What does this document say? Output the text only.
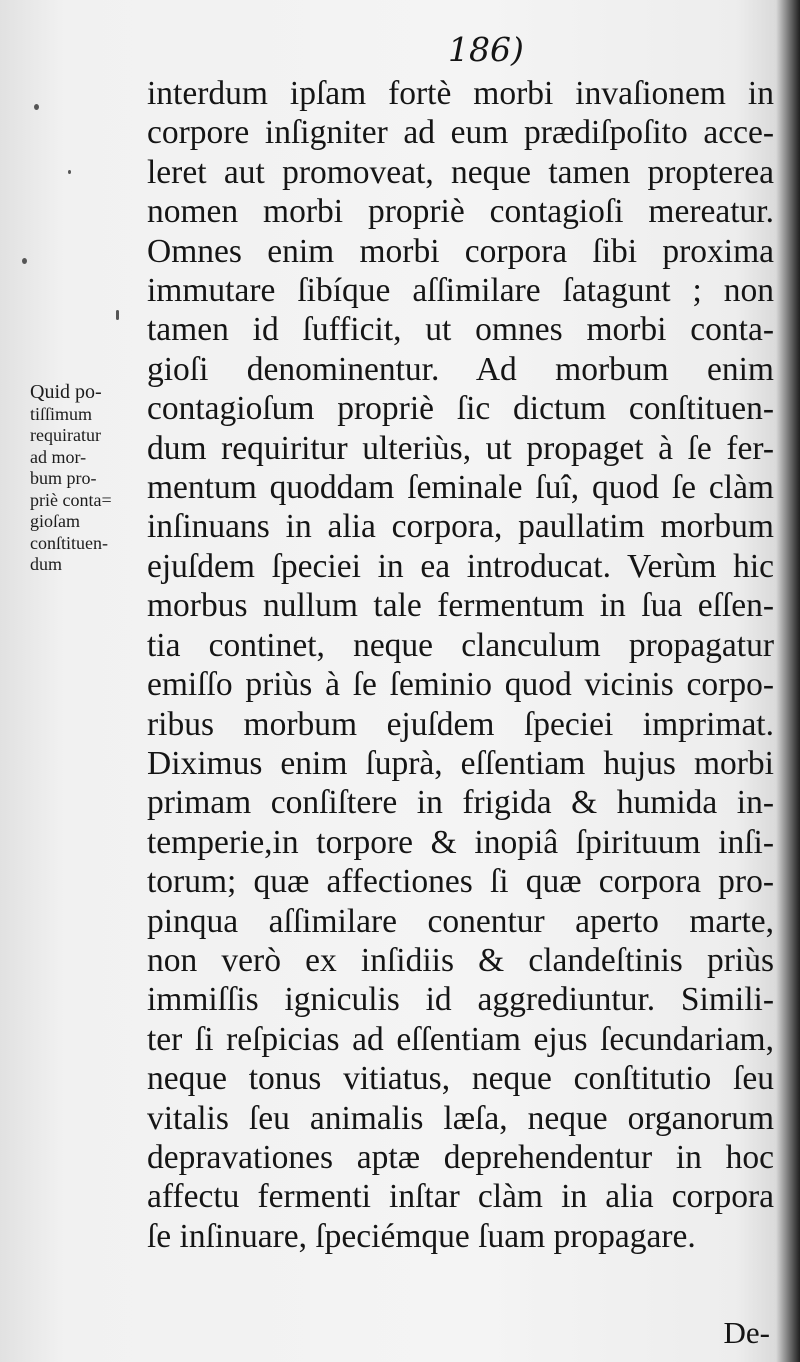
186)
interdum ipſam fortè morbi invaſionem in
corpore inſigniter ad eum prædiſpoſito acce-
leret aut promoveat, neque tamen propterea
nomen morbi propriè contagioſi mereatur.
Omnes enim morbi corpora ſibi proxima
immutare ſibíque aſſimilare ſatagunt ; non
tamen id ſufficit, ut omnes morbi conta-
gioſi denominentur. Ad morbum enim
contagioſum propriè ſic dictum conſtituen-
dum requiritur ulteriùs, ut propaget à ſe fer-
mentum quoddam ſeminale ſuî, quod ſe clàm
inſinuans in alia corpora, paullatim morbum
ejuſdem ſpeciei in ea introducat. Verùm hic
morbus nullum tale fermentum in ſua eſſen-
tia continet, neque clanculum propagatur
emiſſo priùs à ſe ſeminio quod vicinis corpo-
ribus morbum ejuſdem ſpeciei imprimat.
Diximus enim ſuprà, eſſentiam hujus morbi
primam conſiſtere in frigida & humida in-
temperie,in torpore & inopiâ ſpirituum inſi-
torum; quæ affectiones ſi quæ corpora pro-
pinqua aſſimilare conentur aperto marte,
non verò ex inſidiis & clandeſtinis priùs
immiſſis igniculis id aggrediuntur. Simili-
ter ſi reſpicias ad eſſentiam ejus ſecundariam,
neque tonus vitiatus, neque conſtitutio ſeu
vitalis ſeu animalis læſa, neque organorum
depravationes aptæ deprehendentur in hoc
affectu fermenti inſtar clàm in alia corpora
ſe inſinuare, ſpeciémque ſuam propagare.
De-
Quid po-
tiſſimum
requiratur
ad mor-
bum pro-
priè conta=
gioſam
conſtituen-
dum
